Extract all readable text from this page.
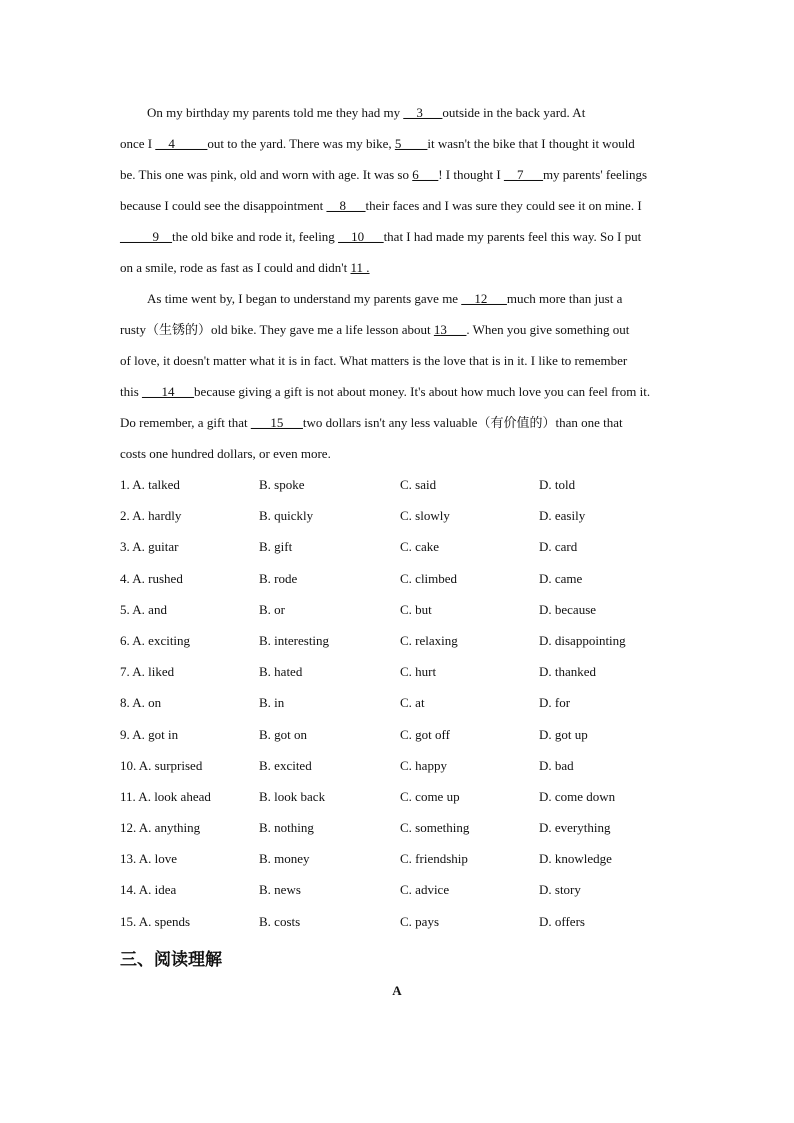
On my birthday my parents told me they had my __3___outside in the back yard. At

once I __4_____out to the yard. There was my bike, 5____it wasn't the bike that I thought it would

be. This one was pink, old and worn with age. It was so 6___! I thought I __7___my parents' feelings

because I could see the disappointment __8___their faces and I was sure they could see it on mine. I

_____9__the old bike and rode it, feeling __10___that I had made my parents feel this way. So I put

on a smile, rode as fast as I could and didn't 11 .

As time went by, I began to understand my parents gave me __12___much more than just a

rusty（生锈的）old bike. They gave me a life lesson about 13___. When you give something out

of love, it doesn't matter what it is in fact. What matters is the love that is in it. I like to remember

this ___14___because giving a gift is not about money. It's about how much love you can feel from it.

Do remember, a gift that ___15___two dollars isn't any less valuable（有价值的）than one that

costs one hundred dollars, or even more.

1. A. talked	B. spoke	C. said	D. told
2. A. hardly	B. quickly	C. slowly	D. easily
3. A. guitar	B. gift	C. cake	D. card
4. A. rushed	B. rode	C. climbed	D. came
5. A. and	B. or	C. but	D. because
6. A. exciting	B. interesting	C. relaxing	D. disappointing
7. A. liked	B. hated	C. hurt	D. thanked
8. A. on	B. in	C. at	D. for
9. A. got in	B. got on	C. got off	D. got up
10. A. surprised	B. excited	C. happy	D. bad
11. A. look ahead	B. look back	C. come up	D. come down
12. A. anything	B. nothing	C. something	D. everything
13. A. love	B. money	C. friendship	D. knowledge
14. A. idea	B. news	C. advice	D. story
15. A. spends	B. costs	C. pays	D. offers
三、阅读理解
A
